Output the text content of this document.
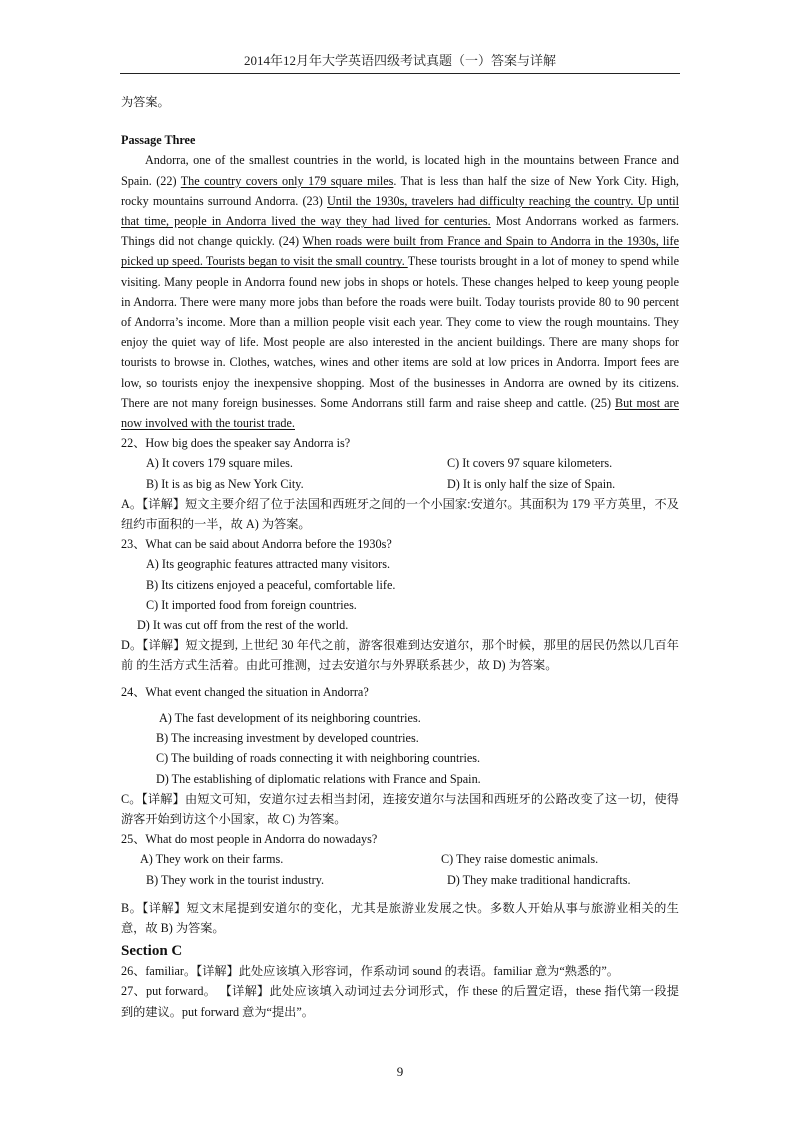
2014年12月年大学英语四级考试真题（一）答案与详解

为答案。

Passage Three

Andorra, one of the smallest countries in the world, is located high in the mountains between France and Spain. (22) The country covers only 179 square miles. That is less than half the size of New York City. High, rocky mountains surround Andorra. (23) Until the 1930s, travelers had difficulty reaching the country. Up until that time, people in Andorra lived the way they had lived for centuries. Most Andorrans worked as farmers. Things did not change quickly. (24) When roads were built from France and Spain to Andorra in the 1930s, life picked up speed. Tourists began to visit the small country. These tourists brought in a lot of money to spend while visiting. Many people in Andorra found new jobs in shops or hotels. These changes helped to keep young people in Andorra. There were many more jobs than before the roads were built. Today tourists provide 80 to 90 percent of Andorra’s income. More than a million people visit each year. They come to view the rough mountains. They enjoy the quiet way of life. Most people are also interested in the ancient buildings. There are many shops for tourists to browse in. Clothes, watches, wines and other items are sold at low prices in Andorra. Import fees are low, so tourists enjoy the inexpensive shopping. Most of the businesses in Andorra are owned by its citizens. There are not many foreign businesses. Some Andorrans still farm and raise sheep and cattle. (25) But most are now involved with the tourist trade.

22、How big does the speaker say Andorra is?

A) It covers 179 square miles.	C) It covers 97 square kilometers.
B) It is as big as New York City.	D) It is only half the size of Spain.

A。【详解】短文主要介绍了位于法国和西班牙之间的一个小国家:安道尔。其面积为 179 平方英里，不及纽约市面积的一半，故 A) 为答案。

23、What can be said about Andorra before the 1930s?

A) Its geographic features attracted many visitors.

B) Its citizens enjoyed a peaceful, comfortable life.

C) It imported food from foreign countries.

D) It was cut off from the rest of the world.

D。【详解】短文提到, 上世纪 30 年代之前，游客很难到达安道尔，那个时候，那里的居民仍然以几百年前 的生活方式生活着。由此可推测，过去安道尔与外界联系甚少，故 D) 为答案。

24、What event changed the situation in Andorra?

A) The fast development of its neighboring countries.

B) The increasing investment by developed countries.

C) The building of roads connecting it with neighboring countries.

D) The establishing of diplomatic relations with France and Spain.

C。【详解】由短文可知，安道尔过去相当封闭，连接安道尔与法国和西班牙的公路改变了这一切，使得游客开始到访这个小国家，故 C) 为答案。

25、What do most people in Andorra do nowadays?

A) They work on their farms.	C) They raise domestic animals.
B) They work in the tourist industry.	D) They make traditional handicrafts.

B。【详解】短文末尾提到安道尔的变化，尤其是旅游业发展之快。多数人开始从事与旅游业相关的生意，故 B) 为答案。

Section C

26、familiar。【详解】此处应该填入形容词，作系动词 sound 的表语。familiar 意为“熟悉的”。

27、put forward。 【详解】此处应该填入动词过去分词形式，作 these 的后置定语，these 指代第一段提到的建议。put forward 意为“提出”。

9
